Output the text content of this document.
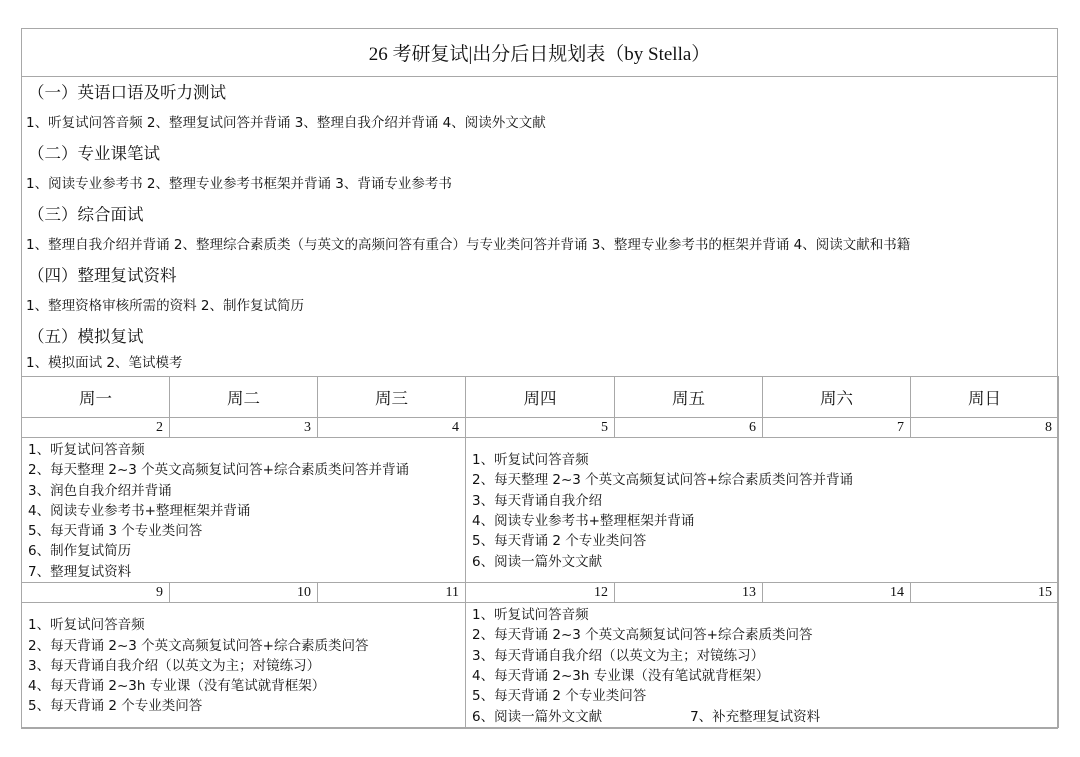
26 考研复试|出分后日规划表（by Stella）
（一）英语口语及听力测试
1、听复试问答音频 2、整理复试问答并背诵 3、整理自我介绍并背诵 4、阅读外文文献
（二）专业课笔试
1、阅读专业参考书 2、整理专业参考书框架并背诵 3、背诵专业参考书
（三）综合面试
1、整理自我介绍并背诵 2、整理综合素质类（与英文的高频问答有重合）与专业类问答并背诵 3、整理专业参考书的框架并背诵 4、阅读文献和书籍
（四）整理复试资料
1、整理资格审核所需的资料 2、制作复试简历
（五）模拟复试
1、模拟面试 2、笔试模考
周一	周二	周三	周四	周五	周六	周日
2	3	4	5	6	7	8

1、听复试问答音频
2、每天整理 2~3 个英文高频复试问答+综合素质类问答并背诵
3、润色自我介绍并背诵
4、阅读专业参考书+整理框架并背诵
5、每天背诵 3 个专业类问答
6、制作复试简历
7、整理复试资料

1、听复试问答音频
2、每天整理 2~3 个英文高频复试问答+综合素质类问答并背诵
3、每天背诵自我介绍
4、阅读专业参考书+整理框架并背诵
5、每天背诵 2 个专业类问答
6、阅读一篇外文文献

9	10	11	12	13	14	15

1、听复试问答音频
2、每天背诵 2~3 个英文高频复试问答+综合素质类问答
3、每天背诵自我介绍（以英文为主；对镜练习）
4、每天背诵 2~3h 专业课（没有笔试就背框架）
5、每天背诵 2 个专业类问答

1、听复试问答音频
2、每天背诵 2~3 个英文高频复试问答+综合素质类问答
3、每天背诵自我介绍（以英文为主；对镜练习）
4、每天背诵 2~3h 专业课（没有笔试就背框架）
5、每天背诵 2 个专业类问答
6、阅读一篇外文文献	7、补充整理复试资料
